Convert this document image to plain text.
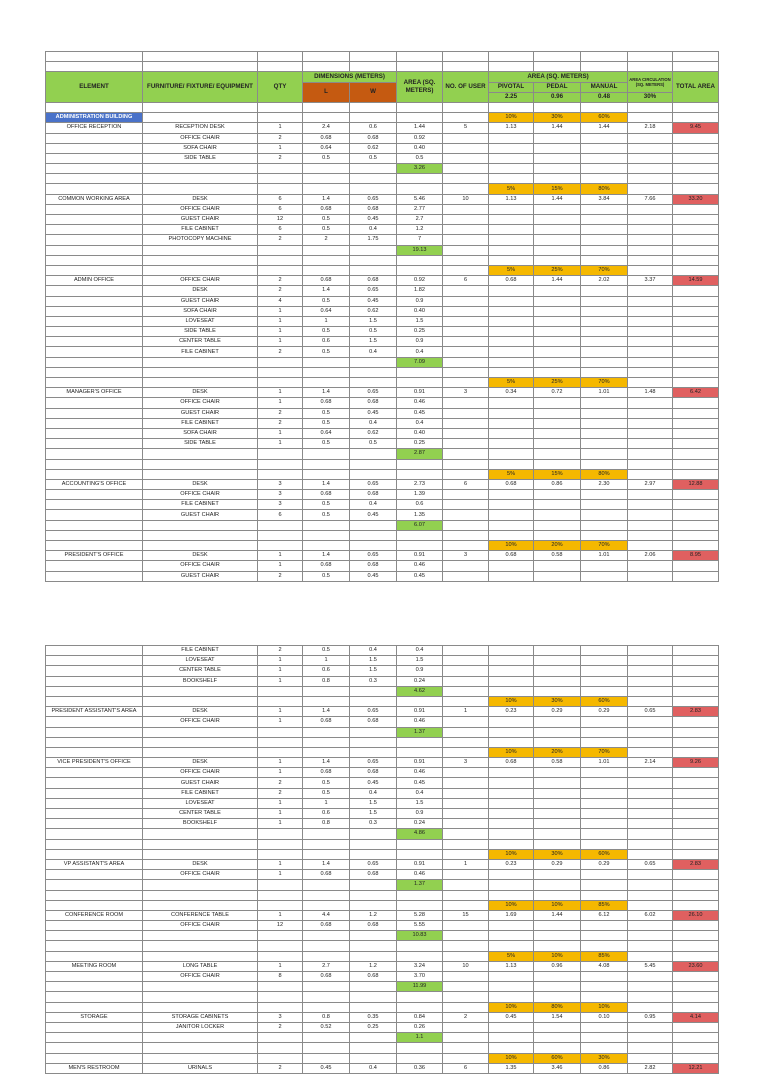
ELEMENT	FURNITURE/ FIXTURE/ EQUIPMENT	QTY	DIMENSIONS (METERS)		AREA (SQ. METERS)	NO. OF USER	AREA (SQ. METERS)			AREA CIRCULATION (SQ. METERS)	TOTAL AREA
			L	W			PIVOTAL	PEDAL	MANUAL		
							2.25	0.96	0.48	30%	

ADMINISTRATION BUILDING							10%	30%	60%		
OFFICE RECEPTION	RECEPTION DESK	1	2.4	0.6	1.44	5	1.13	1.44	1.44	2.18	9.45
	OFFICE CHAIR	2	0.68	0.68	0.92						
	SOFA CHAIR	1	0.64	0.62	0.40						
	SIDE TABLE	2	0.5	0.5	0.5						
					3.26						

							5%	15%	80%		
COMMON WORKING AREA	DESK	6	1.4	0.65	5.46	10	1.13	1.44	3.84	7.66	33.20
	OFFICE CHAIR	6	0.68	0.68	2.77						
	GUEST CHAIR	12	0.5	0.45	2.7						
	FILE CABINET	6	0.5	0.4	1.2						
	PHOTOCOPY MACHINE	2	2	1.75	7						
					19.13						

							5%	25%	70%		
ADMIN OFFICE	OFFICE CHAIR	2	0.68	0.68	0.92	6	0.68	1.44	2.02	3.37	14.59
	DESK	2	1.4	0.65	1.82						
	GUEST CHAIR	4	0.5	0.45	0.9						
	SOFA CHAIR	1	0.64	0.62	0.40						
	LOVESEAT	1	1	1.5	1.5						
	SIDE TABLE	1	0.5	0.5	0.25						
	CENTER TABLE	1	0.6	1.5	0.9						
	FILE CABINET	2	0.5	0.4	0.4						
					7.09						

							5%	25%	70%		
MANAGER'S OFFICE	DESK	1	1.4	0.65	0.91	3	0.34	0.72	1.01	1.48	6.42
	OFFICE CHAIR	1	0.68	0.68	0.46						
	GUEST CHAIR	2	0.5	0.45	0.45						
	FILE CABINET	2	0.5	0.4	0.4						
	SOFA CHAIR	1	0.64	0.62	0.40						
	SIDE TABLE	1	0.5	0.5	0.25						
					2.87						

							5%	15%	80%		
ACCOUNTING'S OFFICE	DESK	3	1.4	0.65	2.73	6	0.68	0.86	2.30	2.97	12.88
	OFFICE CHAIR	3	0.68	0.68	1.39						
	FILE CABINET	3	0.5	0.4	0.6						
	GUEST CHAIR	6	0.5	0.45	1.35						
					6.07						

							10%	20%	70%		
PRESIDENT'S OFFICE	DESK	1	1.4	0.65	0.91	3	0.68	0.58	1.01	2.06	8.95
	OFFICE CHAIR	1	0.68	0.68	0.46						
	GUEST CHAIR	2	0.5	0.45	0.45						
	FILE CABINET	2	0.5	0.4	0.4						
	LOVESEAT	1	1	1.5	1.5						
	CENTER TABLE	1	0.6	1.5	0.9						
	BOOKSHELF	1	0.8	0.3	0.24						
					4.62						
							10%	30%	60%		
PRESIDENT ASSISTANT'S AREA	DESK	1	1.4	0.65	0.91	1	0.23	0.29	0.29	0.65	2.83
	OFFICE CHAIR	1	0.68	0.68	0.46						
					1.37						

							10%	20%	70%		
VICE PRESIDENT'S OFFICE	DESK	1	1.4	0.65	0.91	3	0.68	0.58	1.01	2.14	9.26
	OFFICE CHAIR	1	0.68	0.68	0.46						
	GUEST CHAIR	2	0.5	0.45	0.45						
	FILE CABINET	2	0.5	0.4	0.4						
	LOVESEAT	1	1	1.5	1.5						
	CENTER TABLE	1	0.6	1.5	0.9						
	BOOKSHELF	1	0.8	0.3	0.24						
					4.86						

							10%	30%	60%		
VP ASSISTANT'S AREA	DESK	1	1.4	0.65	0.91	1	0.23	0.29	0.29	0.65	2.83
	OFFICE CHAIR	1	0.68	0.68	0.46						
					1.37						

							10%	10%	85%		
CONFERENCE ROOM	CONFERENCE TABLE	1	4.4	1.2	5.28	15	1.69	1.44	6.12	6.02	26.10
	OFFICE CHAIR	12	0.68	0.68	5.55						
					10.83						

							5%	10%	85%		
MEETING ROOM	LONG TABLE	1	2.7	1.2	3.24	10	1.13	0.96	4.08	5.45	23.60
	OFFICE CHAIR	8	0.68	0.68	3.70						
					11.99						

							10%	80%	10%		
STORAGE	STORAGE CABINETS	3	0.8	0.35	0.84	2	0.45	1.54	0.10	0.95	4.14
	JANITOR LOCKER	2	0.52	0.25	0.26						
					1.1						

							10%	60%	30%		
MEN'S RESTROOM	URINALS	2	0.45	0.4	0.36	6	1.35	3.46	0.86	2.82	12.21
